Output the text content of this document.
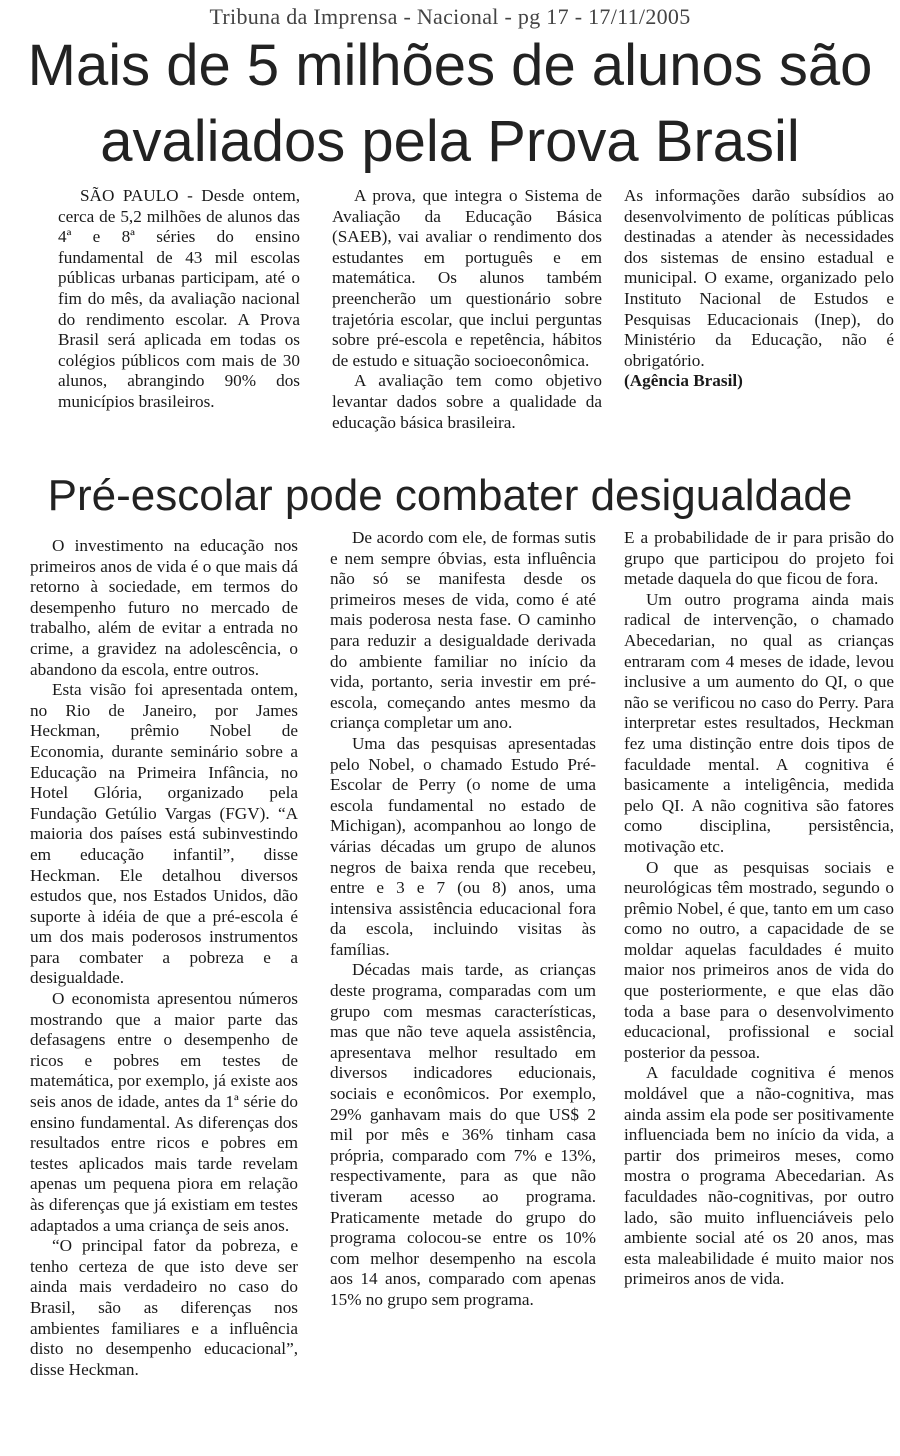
Tribuna da Imprensa - Nacional - pg 17 - 17/11/2005
Mais de 5 milhões de alunos são
avaliados pela Prova Brasil

SÃO PAULO - Desde ontem, cerca de 5,2 milhões de alunos das 4ª e 8ª séries do ensino fundamental de 43 mil escolas públicas urbanas participam, até o fim do mês, da avaliação nacional do rendimento escolar. A Prova Brasil será aplicada em todas os colégios públicos com mais de 30 alunos, abrangindo 90% dos municípios brasileiros.

A prova, que integra o Sistema de Avaliação da Educação Básica (SAEB), vai avaliar o rendimento dos estudantes em português e em matemática. Os alunos também preencherão um questionário sobre trajetória escolar, que inclui perguntas sobre pré-escola e repetência, hábitos de estudo e situação socioeconômica.

A avaliação tem como objetivo levantar dados sobre a qualidade da educação básica brasileira.

As informações darão subsídios ao desenvolvimento de políticas públicas destinadas a atender às necessidades dos sistemas de ensino estadual e municipal. O exame, organizado pelo Instituto Nacional de Estudos e Pesquisas Educacionais (Inep), do Ministério da Educação, não é obrigatório.

(Agência Brasil)

Pré-escolar pode combater desigualdade

O investimento na educação nos primeiros anos de vida é o que mais dá retorno à sociedade, em termos do desempenho futuro no mercado de trabalho, além de evitar a entrada no crime, a gravidez na adolescência, o abandono da escola, entre outros.

Esta visão foi apresentada ontem, no Rio de Janeiro, por James Heckman, prêmio Nobel de Economia, durante seminário sobre a Educação na Primeira Infância, no Hotel Glória, organizado pela Fundação Getúlio Vargas (FGV). “A maioria dos países está subinvestindo em educação infantil”, disse Heckman. Ele detalhou diversos estudos que, nos Estados Unidos, dão suporte à idéia de que a pré-escola é um dos mais poderosos instrumentos para combater a pobreza e a desigualdade.

O economista apresentou números mostrando que a maior parte das defasagens entre o desempenho de ricos e pobres em testes de matemática, por exemplo, já existe aos seis anos de idade, antes da 1ª série do ensino fundamental. As diferenças dos resultados entre ricos e pobres em testes aplicados mais tarde revelam apenas um pequena piora em relação às diferenças que já existiam em testes adaptados a uma criança de seis anos.

“O principal fator da pobreza, e tenho certeza de que isto deve ser ainda mais verdadeiro no caso do Brasil, são as diferenças nos ambientes familiares e a influência disto no desempenho educacional”, disse Heckman.

De acordo com ele, de formas sutis e nem sempre óbvias, esta influência não só se manifesta desde os primeiros meses de vida, como é até mais poderosa nesta fase. O caminho para reduzir a desigualdade derivada do ambiente familiar no início da vida, portanto, seria investir em pré-escola, começando antes mesmo da criança completar um ano.

Uma das pesquisas apresentadas pelo Nobel, o chamado Estudo Pré-Escolar de Perry (o nome de uma escola fundamental no estado de Michigan), acompanhou ao longo de várias décadas um grupo de alunos negros de baixa renda que recebeu, entre e 3 e 7 (ou 8) anos, uma intensiva assistência educacional fora da escola, incluindo visitas às famílias.

Décadas mais tarde, as crianças deste programa, comparadas com um grupo com mesmas características, mas que não teve aquela assistência, apresentava melhor resultado em diversos indicadores educionais, sociais e econômicos. Por exemplo, 29% ganhavam mais do que US$ 2 mil por mês e 36% tinham casa própria, comparado com 7% e 13%, respectivamente, para as que não tiveram acesso ao programa. Praticamente metade do grupo do programa colocou-se entre os 10% com melhor desempenho na escola aos 14 anos, comparado com apenas 15% no grupo sem programa.

E a probabilidade de ir para prisão do grupo que participou do projeto foi metade daquela do que ficou de fora.

Um outro programa ainda mais radical de intervenção, o chamado Abecedarian, no qual as crianças entraram com 4 meses de idade, levou inclusive a um aumento do QI, o que não se verificou no caso do Perry. Para interpretar estes resultados, Heckman fez uma distinção entre dois tipos de faculdade mental. A cognitiva é basicamente a inteligência, medida pelo QI. A não cognitiva são fatores como disciplina, persistência, motivação etc.

O que as pesquisas sociais e neurológicas têm mostrado, segundo o prêmio Nobel, é que, tanto em um caso como no outro, a capacidade de se moldar aquelas faculdades é muito maior nos primeiros anos de vida do que posteriormente, e que elas dão toda a base para o desenvolvimento educacional, profissional e social posterior da pessoa.

A faculdade cognitiva é menos moldável que a não-cognitiva, mas ainda assim ela pode ser positivamente influenciada bem no início da vida, a partir dos primeiros meses, como mostra o programa Abecedarian. As faculdades não-cognitivas, por outro lado, são muito influenciáveis pelo ambiente social até os 20 anos, mas esta maleabilidade é muito maior nos primeiros anos de vida.
